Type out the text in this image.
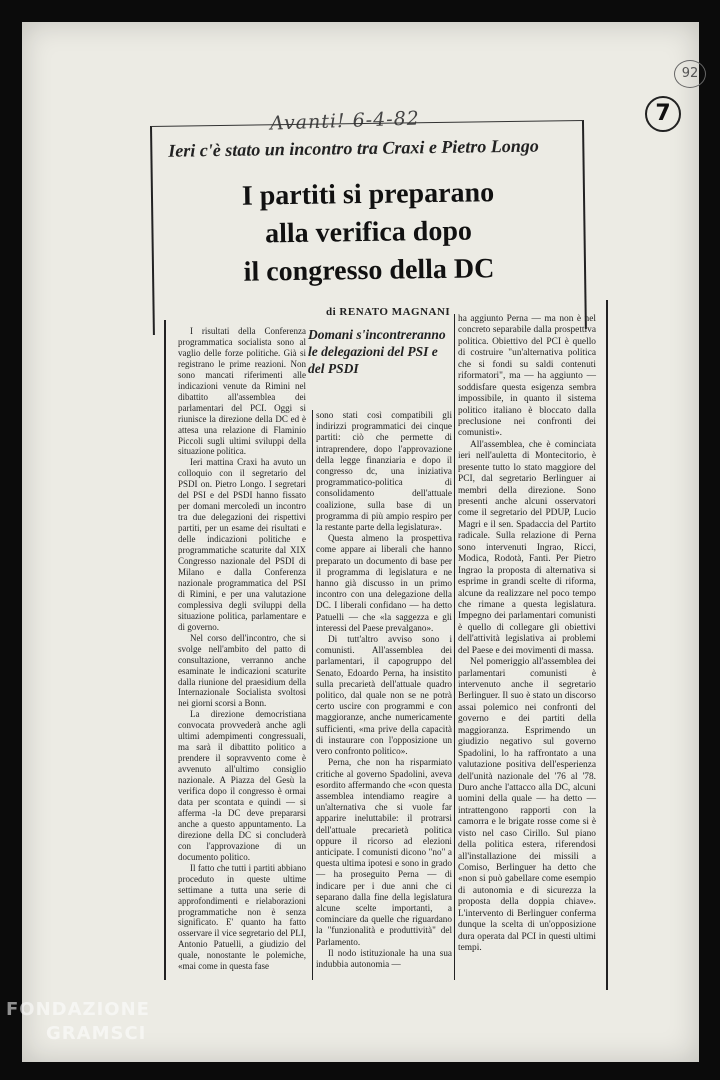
Avanti! 6-4-82
92
7
Ieri c'è stato un incontro tra Craxi e Pietro Longo
I partiti si preparano
alla verifica dopo
il congresso della DC
di RENATO MAGNANI
Domani s'incontreranno le delegazioni del PSI e del PSDI

I risultati della Conferenza programmatica socialista sono al vaglio delle forze politiche. Già si registrano le prime reazioni. Non sono mancati riferimenti alle indicazioni venute da Rimini nel dibattito all'assemblea dei parlamentari del PCI. Oggi si riunisce la direzione della DC ed è attesa una relazione di Flaminio Piccoli sugli ultimi sviluppi della situazione politica.

Ieri mattina Craxi ha avuto un colloquio con il segretario del PSDI on. Pietro Longo. I segretari del PSI e del PSDI hanno fissato per domani mercoledì un incontro tra due delegazioni dei rispettivi partiti, per un esame dei risultati e delle indicazioni politiche e programmatiche scaturite dal XIX Congresso nazionale del PSDI di Milano e dalla Conferenza nazionale programmatica del PSI di Rimini, e per una valutazione complessiva degli sviluppi della situazione politica, parlamentare e di governo.

Nel corso dell'incontro, che si svolge nell'ambito del patto di consultazione, verranno anche esaminate le indicazioni scaturite dalla riunione del praesidium della Internazionale Socialista svoltosi nei giorni scorsi a Bonn.

La direzione democristiana convocata provvederà anche agli ultimi adempimenti congressuali, ma sarà il dibattito politico a prendere il sopravvento come è avvenuto all'ultimo consiglio nazionale. A Piazza del Gesù la verifica dopo il congresso è ormai data per scontata e quindi — si afferma -la DC deve prepararsi anche a questo appuntamento. La direzione della DC si concluderà con l'approvazione di un documento politico.

Il fatto che tutti i partiti abbiano proceduto in queste ultime settimane a tutta una serie di approfondimenti e rielaborazioni programmatiche non è senza significato. E' quanto ha fatto osservare il vice segretario del PLI, Antonio Patuelli, a giudizio del quale, nonostante le polemiche, «mai come in questa fase

sono stati così compatibili gli indirizzi programmatici dei cinque partiti: ciò che permette di intraprendere, dopo l'approvazione della legge finanziaria e dopo il congresso dc, una iniziativa programmatico-politica di consolidamento dell'attuale coalizione, sulla base di un programma di più ampio respiro per la restante parte della legislatura».

Questa almeno la prospettiva come appare ai liberali che hanno preparato un documento di base per il programma di legislatura e ne hanno già discusso in un primo incontro con una delegazione della DC. I liberali confidano — ha detto Patuelli — che «la saggezza e gli interessi del Paese prevalgano».

Di tutt'altro avviso sono i comunisti. All'assemblea dei parlamentari, il capogruppo del Senato, Edoardo Perna, ha insistito sulla precarietà dell'attuale quadro politico, dal quale non se ne potrà certo uscire con programmi e con maggioranze, anche numericamente sufficienti, «ma prive della capacità di instaurare con l'opposizione un vero confronto politico».

Perna, che non ha risparmiato critiche al governo Spadolini, aveva esordito affermando che «con questa assemblea intendiamo reagire a un'alternativa che si vuole far apparire ineluttabile: il protrarsi dell'attuale precarietà politica oppure il ricorso ad elezioni anticipate. I comunisti dicono "no" a questa ultima ipotesi e sono in grado — ha proseguito Perna — di indicare per i due anni che ci separano dalla fine della legislatura alcune scelte importanti, a cominciare da quelle che riguardano la "funzionalità e produttività" del Parlamento.

Il nodo istituzionale ha una sua indubbia autonomia —

ha aggiunto Perna — ma non è nel concreto separabile dalla prospettiva politica. Obiettivo del PCI è quello di costruire "un'alternativa politica che si fondi su saldi contenuti riformatori", ma — ha aggiunto — soddisfare questa esigenza sembra impossibile, in quanto il sistema politico italiano è bloccato dalla preclusione nei confronti dei comunisti».

All'assemblea, che è cominciata ieri nell'auletta di Montecitorio, è presente tutto lo stato maggiore del PCI, dal segretario Berlinguer ai membri della direzione. Sono presenti anche alcuni osservatori come il segretario del PDUP, Lucio Magri e il sen. Spadaccia del Partito radicale. Sulla relazione di Perna sono intervenuti Ingrao, Ricci, Modica, Rodotà, Fanti. Per Pietro Ingrao la proposta di alternativa si esprime in grandi scelte di riforma, alcune da realizzare nel poco tempo che rimane a questa legislatura. Impegno dei parlamentari comunisti è quello di collegare gli obiettivi dell'attività legislativa ai problemi del Paese e dei movimenti di massa.

Nel pomeriggio all'assemblea dei parlamentari comunisti è intervenuto anche il segretario Berlinguer. Il suo è stato un discorso assai polemico nei confronti del governo e dei partiti della maggioranza. Esprimendo un giudizio negativo sul governo Spadolini, lo ha raffrontato a una valutazione positiva dell'esperienza dell'unità nazionale del '76 al '78. Duro anche l'attacco alla DC, alcuni uomini della quale — ha detto — intrattengono rapporti con la camorra e le brigate rosse come si è visto nel caso Cirillo. Sul piano della politica estera, riferendosi all'installazione dei missili a Comiso, Berlinguer ha detto che «non si può gabellare come esempio di autonomia e di sicurezza la proposta della doppia chiave». L'intervento di Berlinguer conferma dunque la scelta di un'opposizione dura operata dal PCI in questi ultimi tempi.

FONDAZIONE
GRAMSCI
